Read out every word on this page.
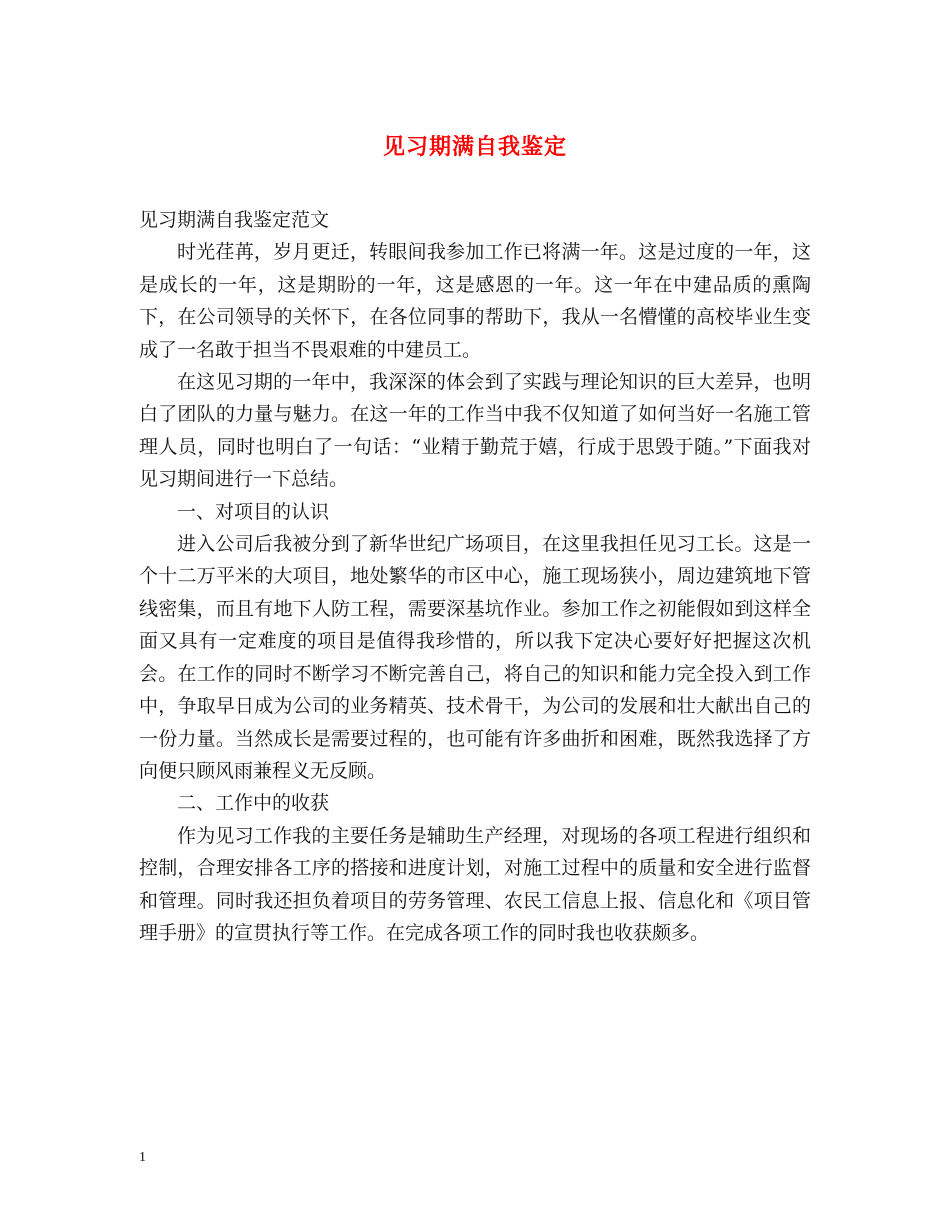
见习期满自我鉴定

见习期满自我鉴定范文

时光荏苒，岁月更迁，转眼间我参加工作已将满一年。这是过度的一年，这是成长的一年，这是期盼的一年，这是感恩的一年。这一年在中建品质的熏陶下，在公司领导的关怀下，在各位同事的帮助下，我从一名懵懂的高校毕业生变成了一名敢于担当不畏艰难的中建员工。

在这见习期的一年中，我深深的体会到了实践与理论知识的巨大差异，也明白了团队的力量与魅力。在这一年的工作当中我不仅知道了如何当好一名施工管理人员，同时也明白了一句话：“业精于勤荒于嬉，行成于思毁于随。”下面我对见习期间进行一下总结。

一、对项目的认识

进入公司后我被分到了新华世纪广场项目，在这里我担任见习工长。这是一个十二万平米的大项目，地处繁华的市区中心，施工现场狭小，周边建筑地下管线密集，而且有地下人防工程，需要深基坑作业。参加工作之初能假如到这样全面又具有一定难度的项目是值得我珍惜的，所以我下定决心要好好把握这次机会。在工作的同时不断学习不断完善自己，将自己的知识和能力完全投入到工作中，争取早日成为公司的业务精英、技术骨干，为公司的发展和壮大献出自己的一份力量。当然成长是需要过程的，也可能有许多曲折和困难，既然我选择了方向便只顾风雨兼程义无反顾。

二、工作中的收获

作为见习工作我的主要任务是辅助生产经理，对现场的各项工程进行组织和控制，合理安排各工序的搭接和进度计划，对施工过程中的质量和安全进行监督和管理。同时我还担负着项目的劳务管理、农民工信息上报、信息化和《项目管理手册》的宣贯执行等工作。在完成各项工作的同时我也收获颇多。

1
